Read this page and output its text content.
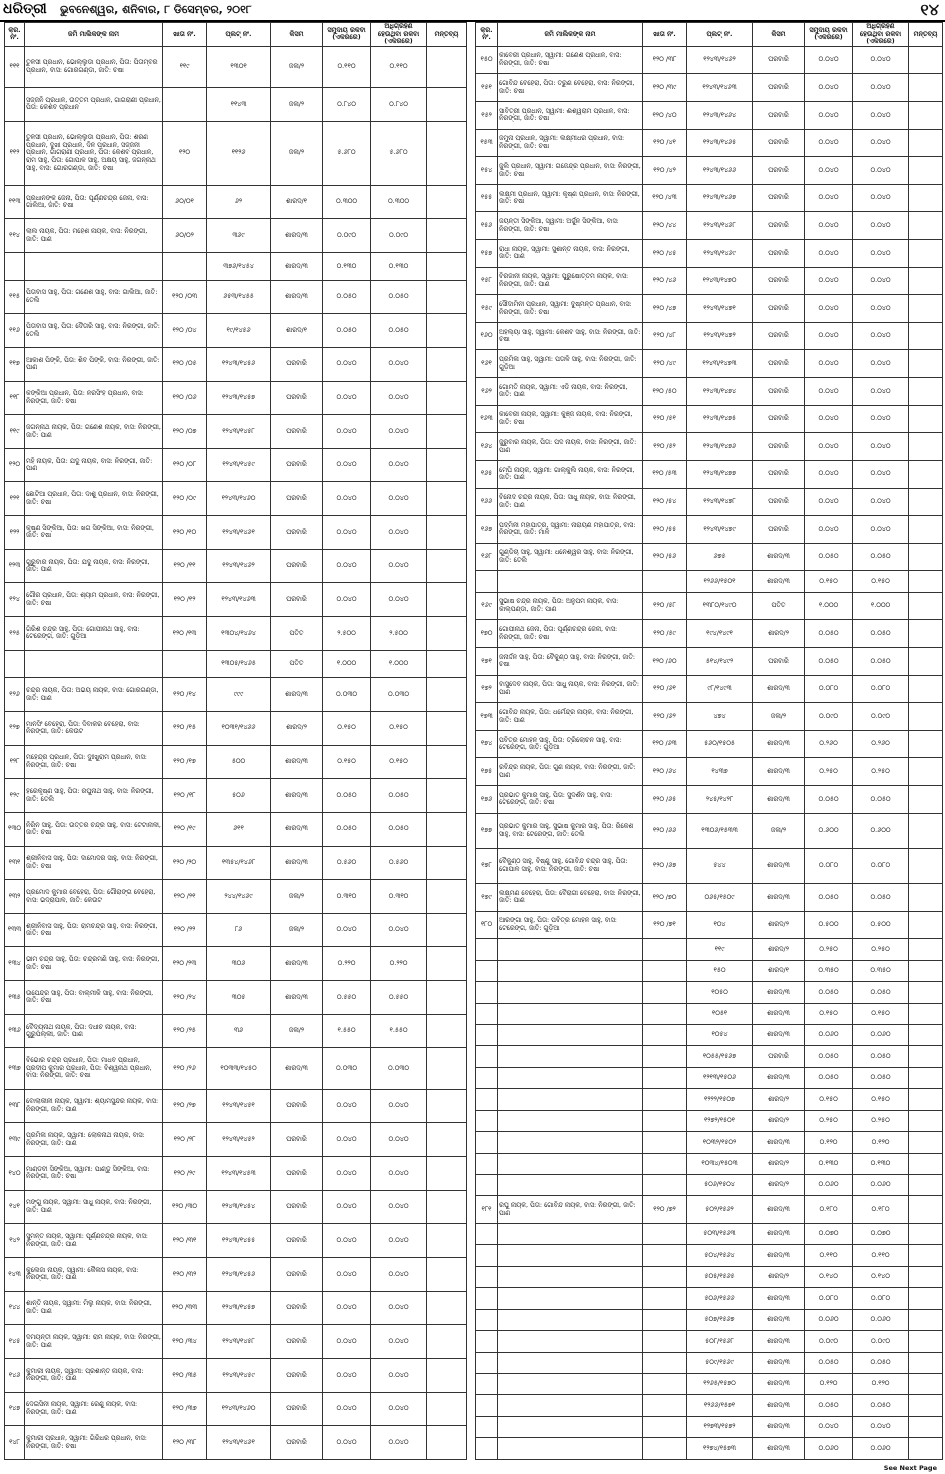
ଧରିତ୍ରୀ ଭୁବନେଶ୍ୱର, ଶନିବାର, ୮ ଡିସେମ୍ବର, ୨୦୧୮	୧୪
କ୍ର. ନଂ.	ଜମି ମାଲିକଙ୍କ ନାମ	ଖାତା ନଂ.	ପ୍ଲଟ୍ ନଂ.	କିସମ	ସମୁଦାୟ ରକବା (ଏକରରେ)	ଅଧିଗ୍ରହଣ ହେଉଥିବା ରକବା (ଏକରରେ)	ମନ୍ତବ୍ୟ
୧୧୧	ତୁଳସୀ ପ୍ରଧାନ, ଭୋଲ୍ଲୁଡା ପ୍ରଧାନ, ପିତା: ପିତାମ୍ବର ପ୍ରଧାନ, ବାସ: ଗୋରଗଣ୍ଡା, ଜାତି: ଚଷା	୧୧୯	୧୩୦୧	ଜଳା/୨	୦.୧୧୦	୦.୧୧୦	
	ସଜ୍ଜନି ପ୍ରଧାନ, ଉତ୍ତମ ପ୍ରଧାନ, ଗାଗରାଣୀ ପ୍ରଧାନ, ପିତା: କେଶବ ପ୍ରଧାନ		୧୧୪୩	ଜଳା/୨	୦.୮୪୦	୦.୮୪୦	
୧୧୨	ତୁଳସୀ ପ୍ରଧାନ, ଭୋଲ୍ଲୁଡା ପ୍ରଧାନ, ପିତା: ଶରଣ ପ୍ରଧାନ, ଦୁଖୀ ପ୍ରଧାନ, ଦିନ ପ୍ରଧାନ, ସଜ୍ଜନୀ ପ୍ରଧାନ, ଗାଗରାଣୀ ପ୍ରଧାନ, ପିତା: କେଶବ ପ୍ରଧାନ, ରାମ ସାହୁ, ପିତା: ଗୋପାଳ ସାହୁ, ଅକ୍ଷୟ ସାହୁ, ଜଗନ୍ନାଥ ସାହୁ, ବାସ: ଗୋରଗଣ୍ଡା, ଜାତି: ଚଷା	୧୨୦	୧୧୨୬	ଜଳା/୨	୫.୬୮୦	୫.୬୮୦	
୧୧୩	ପ୍ରଧାନଙ୍କ ଜେନା, ପିତା: ପୂର୍ଣ୍ଣଚନ୍ଦ୍ର ଜେନା, ବାସ: ଗାଲିଆ, ଜାତି: ଚଷା	୬୦/୦୧	୬୨	ଶାରଦ/୧	୦.୩୦୦	୦.୩୦୦	
୧୧୪	ଲାଲ ନାୟକ, ପିତା: ମହେଶ ନାୟକ, ବାସ: ନିରଙ୍ଗୀ, ଜାତି: ପାଣ	୬୦/୦୨	୩୬୯	ଶାରଦ/୩	୦.୦୯୦	୦.୦୯୦	
			୩୭୬/୧୪୫୪	ଶାରଦ/୩	୦.୧୩୦	୦.୧୩୦	
୧୧୫	ପିତାବାସ ସାହୁ, ପିତା: ଗଣେଶ ସାହୁ, ବାସ: ଗାଲିଆ, ଜାତି: ତେଲି	୧୨୦ /୦୩	୬୫୩/୧୪୫୫	ଶାରଦ/୩	୦.୦୫୦	୦.୦୫୦	
୧୧୬	ପିତାବାସ ସାହୁ, ପିତା: ଦୈତାରି ସାହୁ, ବାସ: ନିରଙ୍ଗୀ, ଜାତି: ତେଲି	୧୨୦ /୦୪	୧୯/୧୪୫୬	ଶାରଦ/୧	୦.୦୫୦	୦.୦୫୦	
୧୧୭	ଆକାଶ ପିଙ୍କି, ପିତା: ଶିବ ପିଙ୍କି, ବାସ: ନିରଙ୍ଗୀ, ଜାତି: ପାଣ	୧୨୦ /୦୫	୧୨୪୩/୧୪୫୬	ଘରବାରି	୦.୦୪୦	୦.୦୪୦	
୧୧୮	କଙ୍କିଆ ପ୍ରଧାନ, ପିତା: ନରସିଂହ ପ୍ରଧାନ, ବାସ: ନିରଙ୍ଗୀ, ଜାତି: ଚଷା	୧୨୦ /୦୬	୧୨୪୩/୧୪୫୭	ଘରବାରି	୦.୦୪୦	୦.୦୪୦	
୧୧୯	ଜଗନ୍ନାଥ ନାୟକ, ପିତା: ଗଣେଶ ନାୟକ, ବାସ: ନିରଙ୍ଗୀ, ଜାତି: ପାଣ	୧୨୦ /୦୭	୧୨୪୩/୧୪୫୮	ଘରବାରି	୦.୦୪୦	୦.୦୪୦	
୧୨୦	ମହି ନାୟକ, ପିତା: ଯଦୁ ନାୟକ, ବାସ: ନିରଙ୍ଗୀ, ଜାତି: ପାଣ	୧୨୦ /୦୮	୧୨୪୩/୧୪୫୯	ଘରବାରି	୦.୦୪୦	୦.୦୪୦	
୧୨୧	ଛୋଟିଆ ପ୍ରଧାନ, ପିତା: ଦାଶୁ ପ୍ରଧାନ, ବାସ: ନିରଙ୍ଗୀ, ଜାତି: ଚଷା	୧୨୦ /୦୯	୧୨୪୩/୧୪୬୦	ଘରବାରି	୦.୦୪୦	୦.୦୪୦	
୧୨୨	କୃଷ୍ଣ ସିଙ୍କିଆ, ପିତା: ଖଗ ସିଙ୍କିଆ, ବାସ: ନିରଙ୍ଗୀ, ଜାତି: ଚଷା	୧୨୦ /୧୦	୧୨୪୩/୧୪୬୧	ଘରବାରି	୦.୦୪୦	୦.୦୪୦	
୧୨୩	ଗୁରୁବାର ନାୟକ, ପିତା: ଯଦୁ ନାୟକ, ବାସ: ନିରଙ୍ଗୀ, ଜାତି: ପାଣ	୧୨୦ /୧୧	୧୨୪୩/୧୪୬୨	ଘରବାରି	୦.୦୪୦	୦.୦୪୦	
୧୨୪	ଗୌର ପ୍ରଧାନ, ପିତା: ଶ୍ୟାମ ପ୍ରଧାନ, ବାସ: ନିରଙ୍ଗୀ, ଜାତି: ଚଷା	୧୨୦ /୧୨	୧୨୪୩/୧୪୬୩	ଘରବାରି	୦.୦୪୦	୦.୦୪୦	
୧୨୫	ଗିରିଶ ଚନ୍ଦ୍ର ସାହୁ, ପିତା: ଗୋପୀନାଥ ସାହୁ, ବାସ: ଟେରେଙ୍ଗ, ଜାତି: ଗୁଡ଼ିଆ	୧୨୦ /୧୩	୧୩୦୪/୧୪୬୪	ପତିତ	୨.୫୦୦	୨.୫୦୦	
			୧୩୦୫/୧୪୬୫	ପତିତ	୧.୦୦୦	୧.୦୦୦	
୧୨୬	ଚନ୍ଦ୍ର ନାୟକ, ପିତା: ଅଭୟ ନାୟକ, ବାସ: ଗୋରଗଣ୍ଡା, ଜାତି: ପାଣ	୧୨୦ /୧୪	୯୯୯	ଶାରଦ/୩	୦.୦୩୦	୦.୦୩୦	
୧୨୭	ମାନସିଂ ବେହେରା, ପିତା: ଦିବାକର ବେହେରା, ବାସ: ନିରଙ୍ଗୀ, ଜାତି: କେଉଟ	୧୨୦ /୧୫	୧୦୩୧/୧୪୬୬	ଶାରଦ/୨	୦.୧୫୦	୦.୧୫୦	
୧୨୮	ମହେନ୍ଦ୍ର ପ୍ରଧାନ, ପିତା: ଦୁଃଖୁରାମ ପ୍ରଧାନ, ବାସ: ନିରଙ୍ଗୀ, ଜାତି: ଚଷା	୧୨୦ /୧୭	୫୦୦	ଶାରଦ/୩	୦.୧୫୦	୦.୧୫୦	
୧୨୯	ହରେକୃଷ୍ଣ ସାହୁ, ପିତା: ରଘୁନାଥ ସାହୁ, ବାସ: ନିରଙ୍ଗୀ, ଜାତି: ତେଲି	୧୨୦ /୧୮	୫୦୬	ଶାରଦ/୩	୦.୦୫୦	୦.୦୫୦	
୧୩୦	ନିରିନ ସାହୁ, ପିତା: ଉତ୍ତର ଚନ୍ଦ୍ର ସାହୁ, ବାସ: ଟେଟାନାଳୀ, ଜାତି: ଚଷା	୧୨୦ /୧୯	୬୧୧	ଶାରଦ/୩	୦.୦୫୦	୦.୦୫୦	
୧୩୧	ଶ୍ରୀନିବାସ ସାହୁ, ପିତା: ଦାମୋଦର ସାହୁ, ବାସ: ନିରଙ୍ଗୀ, ଜାତି: ଚଷା	୧୨୦ /୨୦	୧୩୫୪/୧୪୬୮	ଶାରଦ/୩	୦.୫୬୦	୦.୫୬୦	
୧୩୨	ପ୍ରମୋଦ କୁମାର ବେହେରା, ପିତା: ଗୌରାଙ୍ଗ ବେହେରା, ବାସ: ଭଦ୍ରାପାଳ, ଜାତି: କେଉଟ	୧୨୦ /୨୧	୨୪୪/୧୪୬୯	ଜଳା/୨	୦.୩୧୦	୦.୩୧୦	
୧୩୩	ଶ୍ରୀନିବାସ ସାହୁ, ପିତା: ରାମଚନ୍ଦ୍ର ସାହୁ, ବାସ: ନିରଙ୍ଗୀ, ଜାତି: ଚଷା	୧୨୦ /୨୨	୮୬	ଜଳା/୨	୦.୦୪୦	୦.୦୪୦	
୧୩୪	ଭୀମ ଚନ୍ଦ୍ର ସାହୁ, ପିତା: ଚନ୍ଦ୍ରମଣି ସାହୁ, ବାସ: ନିରଙ୍ଗୀ, ଜାତି: ଚଷା	୧୨୦ /୨୩	୩୦୬	ଶାରଦ/୩	୦.୨୨୦	୦.୨୨୦	
୧୩୫	ଉପେନ୍ଦ୍ର ସାହୁ, ପିତା: ବାଲ୍ମୀକି ସାହୁ, ବାସ: ନିରଙ୍ଗୀ, ଜାତି: ଚଷା	୧୨୦ /୨୪	୩୦୫	ଶାରଦ/୩	୦.୫୫୦	୦.୫୫୦	
୧୩୬	ବୈଦ୍ୟନାଥ ନାୟକ, ପିତା: ଦଧୀଚ ନାୟକ, ବାସ: ଗୁରୁପଲ୍ଲୀ, ଜାତି: ପାଣ	୧୨୦ /୨୫	୩୬	ଜଳା/୨	୧.୫୫୦	୧.୫୫୦	
୧୩୭	ବିଭୋର ଚନ୍ଦ୍ର ପ୍ରଧାନ, ପିତା: ମାଧବ ପ୍ରଧାନ, ପ୍ରଦୀପ କୁମାର ପ୍ରଧାନ, ପିତା: ବିଶ୍ୱନାଥ ପ୍ରଧାନ, ବାସ: ନିରଙ୍ଗୀ, ଜାତି: ଚଷା	୧୨୦ /୨୬	୧୦୩୩/୧୪୫୦	ଶାରଦ/୩	୦.୦୩୦	୦.୦୩୦	
୧୩୮	ବୋଲାକୀନୀ ନାୟକ, ସ୍ୱାମୀ: ଶ୍ୟାମସୁନ୍ଦର ନାୟକ, ବାସ: ନିରଙ୍ଗୀ, ଜାତି: ପାଣ	୧୨୦ /୨୭	୧୨୪୩/୧୪୫୧	ଘରବାରି	୦.୦୪୦	୦.୦୪୦	
୧୩୯	ପ୍ରମିଳା ନାୟକ, ସ୍ୱାମୀ: ଲୋକନାଥ ନାୟକ, ବାସ: ନିରଙ୍ଗୀ, ଜାତି: ପାଣ	୧୨୦ /୨୮	୧୨୪୩/୧୪୫୨	ଘରବାରି	୦.୦୪୦	୦.୦୪୦	
୧୪୦	ମାଣ୍ଡବୀ ସିଙ୍କିଆ, ସ୍ୱାମୀ: ପାଣ୍ଡୁ ସିଙ୍କିଆ, ବାସ: ନିରଙ୍ଗୀ, ଜାତି: ଚଷା	୧୨୦ /୨୯	୧୨୪୩/୧୪୫୩	ଘରବାରି	୦.୦୪୦	୦.୦୪୦	
୧୪୧	ମଙ୍ଗୁ ନାୟକ, ସ୍ୱାମୀ: ସାଧୁ ନାୟକ, ବାସ: ନିରଙ୍ଗୀ, ଜାତି: ପାଣ	୧୨୦ /୩୦	୧୨୪୩/୧୪୫୪	ଘରବାରି	୦.୦୪୦	୦.୦୪୦	
୧୪୨	ସୁମନ୍ତ ନାୟକ, ସ୍ୱାମୀ: ପୂର୍ଣ୍ଣଚନ୍ଦ୍ର ନାୟକ, ବାସ: ନିରଙ୍ଗୀ, ଜାତି: ପାଣ	୧୨୦ /୩୧	୧୨୪୩/୧୪୫୫	ଘରବାରି	୦.୦୪୦	୦.୦୪୦	
୧୪୩	କୁଲେଜା ନାୟକ, ସ୍ୱାମୀ: କୈଳାସ ନାୟକ, ବାସ: ନିରଙ୍ଗୀ, ଜାତି: ପାଣ	୧୨୦ /୩୨	୧୨୪୩/୧୪୫୬	ଘରବାରି	୦.୦୪୦	୦.୦୪୦	
୧୪୪	ଶାନ୍ତି ନାୟକ, ସ୍ୱାମୀ: ମିଲୁ ନାୟକ, ବାସ: ନିରଙ୍ଗୀ, ଜାତି: ପାଣ	୧୨୦ /୩୩	୧୨୪୩/୧୪୫୭	ଘରବାରି	୦.୦୪୦	୦.୦୪୦	
୧୪୫	ଦମୟନ୍ତୀ ନାୟକ, ସ୍ୱାମୀ: ରାମ ନାୟକ, ବାସ: ନିରଙ୍ଗୀ, ଜାତି: ପାଣ	୧୨୦ /୩୪	୧୨୪୩/୧୪୫୮	ଘରବାରି	୦.୦୪୦	୦.୦୪୦	
୧୪୬	କୁମାରୀ ନାୟକ, ସ୍ୱାମୀ: ପ୍ରଶାନ୍ତ ନାୟକ, ବାସ: ନିରଙ୍ଗୀ, ଜାତି: ପାଣ	୧୨୦ /୩୫	୧୨୪୩/୧୪୫୯	ଘରବାରି	୦.୦୪୦	୦.୦୪୦	
୧୪୭	ଦେଇସିନୀ ନାୟକ, ସ୍ୱାମୀ: ରେଣୁ ନାୟକ, ବାସ: ନିରଙ୍ଗୀ, ଜାତି: ପାଣ	୧୨୦ /୩୭	୧୨୪୩/୧୪୬୦	ଘରବାରି	୦.୦୪୦	୦.୦୪୦	
୧୪୮	କୁମାରୀ ପ୍ରଧାନ, ସ୍ୱାମୀ: ଗିରିଧର ପ୍ରଧାନ, ବାସ: ନିରଙ୍ଗୀ, ଜାତି: ଚଷା	୧୨୦ /୩୮	୧୨୪୩/୧୪୬୧	ଘରବାରି	୦.୦୪୦	୦.୦୪୦	
କ୍ର. ନଂ.	ଜମି ମାଲିକଙ୍କ ନାମ	ଖାତା ନଂ.	ପ୍ଲଟ୍ ନଂ.	କିସମ	ସମୁଦାୟ ରକବା (ଏକରରେ)	ଅଧିଗ୍ରହଣ ହେଉଥିବା ରକବା (ଏକରରେ)	ମନ୍ତବ୍ୟ
୧୫୦	କାବେରୀ ପ୍ରଧାନ, ସ୍ୱାମୀ: ଗଣେଶ ପ୍ରଧାନ, ବାସ: ନିରଙ୍ଗୀ, ଜାତି: ଚଷା	୧୨୦ /୩୮	୧୨୪୩/୧୪୬୨	ଘରବାରି	୦.୦୪୦	୦.୦୪୦	
୧୫୧	ଗୋବିନ୍ଦ ବେହେରା, ପିତା: ତରୁଣ ବେହେରା, ବାସ: ନିରଙ୍ଗୀ, ଜାତି: ଚଷା	୧୨୦ /୩୯	୧୨୪୩/୧୪୬୩	ଘରବାରି	୦.୦୪୦	୦.୦୪୦	
୧୫୨	ସାବିତ୍ରୀ ପ୍ରଧାନ, ସ୍ୱାମୀ: ଈଶ୍ୱରାମ ପ୍ରଧାନ, ବାସ: ନିରଙ୍ଗୀ, ଜାତି: ଚଷା	୧୨୦ /୪୦	୧୨୪୩/୧୪୬୪	ଘରବାରି	୦.୦୪୦	୦.୦୪୦	
୧୫୩	ଜମୁନା ପ୍ରଧାନ, ସ୍ୱାମୀ: ଲକ୍ଷ୍ମୀଧର ପ୍ରଧାନ, ବାସ: ନିରଙ୍ଗୀ, ଜାତି: ଚଷା	୧୨୦ /୪୧	୧୨୪୩/୧୪୬୫	ଘରବାରି	୦.୦୪୦	୦.୦୪୦	
୧୫୪	ଜୁଲି ପ୍ରଧାନ, ସ୍ୱାମୀ: ଗଜେନ୍ଦ୍ର ପ୍ରଧାନ, ବାସ: ନିରଙ୍ଗୀ, ଜାତି: ଚଷା	୧୨୦ /୪୨	୧୨୪୩/୧୪୬୬	ଘରବାରି	୦.୦୪୦	୦.୦୪୦	
୧୫୫	ଲକ୍ଷ୍ମୀ ପ୍ରଧାନ, ସ୍ୱାମୀ: କୃଷ୍ଣ ପ୍ରଧାନ, ବାସ: ନିରଙ୍ଗୀ, ଜାତି: ଚଷା	୧୨୦ /୪୩	୧୨୪୩/୧୪୬୭	ଘରବାରି	୦.୦୪୦	୦.୦୪୦	
୧୫୬	ଜୟନ୍ତୀ ସିଙ୍କିଆ, ସ୍ୱାମୀ: ଅର୍ଜୁନ ସିଙ୍କିଆ, ବାସ: ନିରଙ୍ଗୀ, ଜାତି: ଚଷା	୧୨୦ /୪୪	୧୨୪୩/୧୪୬୮	ଘରବାରି	୦.୦୪୦	୦.୦୪୦	
୧୫୭	ରାଧା ନାୟକ, ସ୍ୱାମୀ: ସୁଶାନ୍ତ ନାୟକ, ବାସ: ନିରଙ୍ଗୀ, ଜାତି: ପାଣ	୧୨୦ /୪୫	୧୨୪୩/୧୪୬୯	ଘରବାରି	୦.୦୪୦	୦.୦୪୦	
୧୫୮	ବିରଜାନୀ ନାୟକ, ସ୍ୱାମୀ: ପୁରୁଷୋତ୍ତମ ନାୟକ, ବାସ: ନିରଙ୍ଗୀ, ଜାତି: ପାଣ	୧୨୦ /୪୬	୧୨୪୩/୧୪୭୦	ଘରବାରି	୦.୦୪୦	୦.୦୪୦	
୧୫୯	ସୌଦାମିନୀ ପ୍ରଧାନ, ସ୍ୱାମୀ: ଦୁଷ୍ମନ୍ତ ପ୍ରଧାନ, ବାସ: ନିରଙ୍ଗୀ, ଜାତି: ଚଷା	୧୨୦ /୪୭	୧୨୪୩/୧୪୭୧	ଘରବାରି	୦.୦୪୦	୦.୦୪୦	
୧୬୦	ଅହଲ୍ୟା ସାହୁ, ସ୍ୱାମୀ: କେଶବ ସାହୁ, ବାସ: ନିରଙ୍ଗୀ, ଜାତି: ଚଷା	୧୨୦ /୪୮	୧୨୪୩/୧୪୭୨	ଘରବାରି	୦.୦୪୦	୦.୦୪୦	
୧୬୧	ପ୍ରମିଳା ସାହୁ, ସ୍ୱାମୀ: ପତାଳି ସାହୁ, ବାସ: ନିରଙ୍ଗୀ, ଜାତି: ଗୁଡ଼ିଆ	୧୨୦ /୪୯	୧୨୪୩/୧୪୭୩	ଘରବାରି	୦.୦୪୦	୦.୦୪୦	
୧୬୨	ଗୋମତି ନାୟକ, ସ୍ୱାମୀ: ଏଡି ନାୟକ, ବାସ: ନିରଙ୍ଗୀ, ଜାତି: ପାଣ	୧୨୦ /୫୦	୧୨୪୩/୧୪୭୪	ଘରବାରି	୦.୦୪୦	୦.୦୪୦	
୧୬୩	କାବେରୀ ନାୟକ, ସ୍ୱାମୀ: କୁଞ୍ଜ ନାୟକ, ବାସ: ନିରଙ୍ଗୀ, ଜାତି: ଚଷା	୧୨୦ /୫୧	୧୨୪୩/୧୪୭୫	ଘରବାରି	୦.୦୪୦	୦.୦୪୦	
୧୬୪	ଜୁରୁବାର ନାୟକ, ପିତା: ପଦ ନାୟକ, ବାସ: ନିରଙ୍ଗୀ, ଜାତି: ପାଣ	୧୨୦ /୫୨	୧୨୪୩/୧୪୭୬	ଘରବାରି	୦.୦୪୦	୦.୦୪୦	
୧୬୫	ମେଘି ନାୟକ, ସ୍ୱାମୀ: ଗାଲ୍କୁଲି ନାୟକ, ବାସ: ନିରଙ୍ଗୀ, ଜାତି: ପାଣ	୧୨୦ /୫୩	୧୨୪୩/୧୪୭୭	ଘରବାରି	୦.୦୪୦	୦.୦୪୦	
୧୬୬	ବିନୋଦ ଚନ୍ଦ୍ର ନାୟକ, ପିତା: ସାଧୁ ନାୟକ, ବାସ: ନିରଙ୍ଗୀ, ଜାତି: ପାଣ	୧୨୦ /୫୪	୧୨୪୩/୧୪୭୮	ଘରବାରି	୦.୦୪୦	୦.୦୪୦	
୧୬୭	ପଦ୍ମିନୀ ମହାପାତ୍ର, ସ୍ୱାମୀ: ନାରାୟଣ ମହାପାତ୍ର, ବାସ: ନିରଙ୍ଗୀ, ଜାତି: ମାଳି	୧୨୦ /୫୫	୧୨୪୩/୧୪୭୯	ଘରବାରି	୦.୦୪୦	୦.୦୪୦	
୧୬୮	ଗୁଣ୍ଡିଚା ସାହୁ, ସ୍ୱାମୀ: ଧନେଶ୍ୱର ସାହୁ, ବାସ: ନିରଙ୍ଗୀ, ଜାତି: ତେଲି	୧୨୦ /୫୬	୬୭୫	ଶାରଦ/୩	୦.୦୫୦	୦.୦୫୦	
			୧୨୬୬/୧୫୦୧	ଶାରଦ/୩	୦.୧୫୦	୦.୧୫୦	
୧୬୯	ସୁଭାଷ ଚନ୍ଦ୍ର ନାୟକ, ପିତା: ଅନୁପମ ନାୟକ, ବାସ: କାଲ୍ପଣ୍ଡା, ଜାତି: ପାଣ	୧୨୦ /୫୮	୧୩୮୦/୧୪୯୦	ପତିତ	୧.୦୦୦	୧.୦୦୦	
୧୭୦	ଗୋପୀନାଥ ଜେନା, ପିତା: ପୂର୍ଣ୍ଣଚନ୍ଦ୍ର ଜେନା, ବାସ: ନିରଙ୍ଗୀ, ଜାତି: ଚଷା	୧୨୦ /୫୯	୧୯୪/୧୪୯୧	ଶାରଦ/୨	୦.୦୫୦	୦.୦୫୦	
୧୭୧	ଜନାର୍ଦ୍ଦନ ସାହୁ, ପିତା: ବୈକୁଣ୍ଠ ସାହୁ, ବାସ: ନିରଙ୍ଗୀ, ଜାତି: ଚଷା	୧୨୦ /୬୦	୫୧୪/୧୪୯୨	ଘରବାରି	୦.୦୫୦	୦.୦୫୦	
୧୭୨	ବାସୁଦେବ ନାୟକ, ପିତା: ସାଧୁ ନାୟକ, ବାସ: ନିରଙ୍ଗୀ, ଜାତି: ପାଣ	୧୨୦ /୬୧	୯୮/୧୪୯୩	ଶାରଦ/୩	୦.୦୮୦	୦.୦୮୦	
୧୭୩	ଗୋବିନ୍ଦ ନାୟକ, ପିତା: ଧର୍ମେନ୍ଦ୍ର ନାୟକ, ବାସ: ନିରଙ୍ଗୀ, ଜାତି: ପାଣ	୧୨୦ /୬୨	୪୭୪	ଜଳା/୨	୦.୦୯୦	୦.୦୯୦	
୧୭୪	ପବିତ୍ର ମୋହନ ସାହୁ, ପିତା: ତ୍ରିଲୋଚନ ସାହୁ, ବାସ: ଟେରେଙ୍ଗ, ଜାତି: ଗୁଡ଼ିଆ	୧୨୦ /୬୩	୫୬୦/୧୫୦୫	ଶାରଦ/୩	୦.୨୬୦	୦.୨୬୦	
୧୭୫	ରବିନ୍ଦ୍ର ନାୟକ, ପିତା: ଗୁଣ ନାୟକ, ବାସ: ନିରଙ୍ଗୀ, ଜାତି: ପାଣ	୧୨୦ /୬୪	୧୪୩୭	ଶାରଦ/୩	୦.୨୫୦	୦.୨୫୦	
୧୭୬	ପ୍ରଭାତ କୁମାର ସାହୁ, ପିତା: ସୁଦର୍ଶନ ସାହୁ, ବାସ: ଟେରେଙ୍ଗ, ଜାତି: ଚଷା	୧୨୦ /୬୫	୨୪୫/୧୪୨୮	ଶାରଦ/୩	୦.୦୫୦	୦.୦୫୦	
୧୭୭	ପ୍ରଭାତ କୁମାର ସାହୁ, ସୁଭାଷ କୁମାର ସାହୁ, ପିତା: ରିକେଶ ସାହୁ, ବାସ: ଟେରେଙ୍ଗ, ଜାତି: ତେଲି	୧୨୦ /୬୬	୧୩୦୬/୧୫୩୩	ଜଳା/୨	୦.୬୦୦	୦.୬୦୦	
୧୭୮	ବୈକୁଣ୍ଠ ସାହୁ, ବିଷ୍ଣୁ ସାହୁ, ଗୋବିନ୍ଦ ଚନ୍ଦ୍ର ସାହୁ, ପିତା: ଗୋପାଳ ସାହୁ, ବାସ: ନିରଙ୍ଗୀ, ଜାତି: ଚଷା	୧୨୦ /୬୭	୫୪୪	ଶାରଦ/୩	୦.୦୮୦	୦.୦୮୦	
୧୭୯	ଲକ୍ଷ୍ମଣ ବେହେରା, ପିତା: ବୈରାଗୀ ବେହେରା, ବାସ: ନିରଙ୍ଗୀ, ଜାତି: ପାଣ	୧୨୦ /୭୦	୦୬୫/୧୫୦୯	ଶାରଦ/୩	୦.୦୫୦	୦.୦୫୦	
୧୮୦	ଆରଙ୍ଗା ସାହୁ, ପିତା: ପବିତ୍ର ମୋହନ ସାହୁ, ବାସ: ଟେରେଙ୍ଗ, ଜାତି: ଗୁଡ଼ିଆ	୧୨୦ /୭୧	୧୦୪	ଶାରଦ/୨	୦.୫୦୦	୦.୫୦୦	
			୧୧୯	ଶାରଦ/୨	୦.୨୫୦	୦.୨୫୦	
			୧୫୦	ଶାରଦ/୧	୦.୩୫୦	୦.୩୫୦	
			୧୦୫୦	ଶାରଦ/୩	୦.୦୫୦	୦.୦୫୦	
			୧୦୫୧	ଶାରଦ/୩	୦.୧୫୦	୦.୧୫୦	
			୧୦୫୪	ଶାରଦ/୩	୦.୦୬୦	୦.୦୬୦	
			୧୦୫୫/୧୫୬୭	ଘରବାରି	୦.୦୫୦	୦.୦୫୦	
			୧୨୧୩/୧୫୦୬	ଶାରଦ/୩	୦.୦୫୦	୦.୦୫୦	
			୧୨୨୨/୧୫୦୭	ଶାରଦ/୨	୦.୧୫୦	୦.୧୫୦	
			୧୨୭୨/୧୫୦୧	ଶାରଦ/୨	୦.୨୫୦	୦.୨୫୦	
			୧୦୩୨/୧୫୦୨	ଶାରଦ/୩	୦.୧୨୦	୦.୧୨୦	
			୧୦୩୪/୧୫୦୩	ଶାରଦ/୨	୦.୧୩୦	୦.୧୩୦	
			୫୦୬/୧୫୦୪	ଶାରଦ/୨	୦.୦୬୦	୦.୦୬୦	
୧୮୧	ରଘୁ ନାୟକ, ପିତା: ଗୋବିନ୍ଦ ନାୟକ, ବାସ: ନିରଙ୍ଗୀ, ଜାତି: ପାଣ	୧୨୦ /୭୨	୫୦୨/୧୫୬୨	ଶାରଦ/୩	୦.୧୮୦	୦.୧୮୦	
			୫୦୩/୧୫୬୩	ଶାରଦ/୩	୦.୦୭୦	୦.୦୭୦	
			୫୦୪/୧୫୬୪	ଶାରଦ/୩	୦.୧୧୦	୦.୧୧୦	
			୫୦୫/୧୫୬୫	ଶାରଦ/୨	୦.୧୪୦	୦.୧୪୦	
			୫୦୬/୧୫୬୬	ଶାରଦ/୩	୦.୦୮୦	୦.୦୮୦	
			୫୦୭/୧୫୬୭	ଶାରଦ/୩	୦.୦୬୦	୦.୦୬୦	
			୫୦୮/୧୫୬୮	ଶାରଦ/୩	୦.୦୯୦	୦.୦୯୦	
			୫୦୯/୧୫୬୯	ଶାରଦ/୩	୦.୦୫୦	୦.୦୫୦	
			୧୨୬୫/୧୫୭୦	ଶାରଦ/୩	୦.୧୨୦	୦.୧୨୦	
			୧୨୬୬/୧୫୭୧	ଶାରଦ/୩	୦.୦୫୦	୦.୦୫୦	
			୧୨୭୩/୧୫୭୨	ଶାରଦ/୩	୦.୦୪୦	୦.୦୪୦	
			୧୨୭୪/୧୫୭୩	ଶାରଦ/୩	୦.୦୬୦	୦.୦୬୦	
See Next Page
